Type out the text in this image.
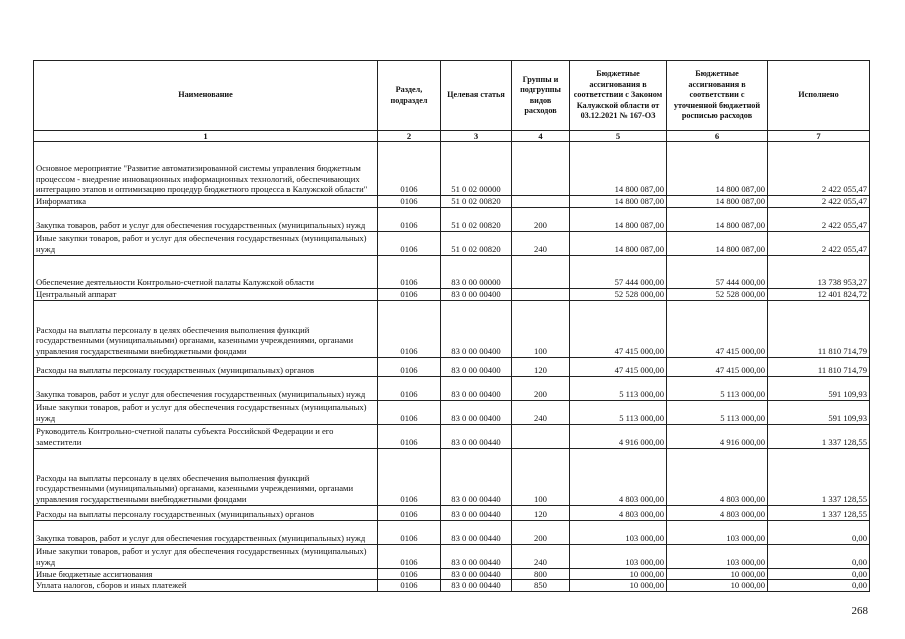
Наименование	Раздел, подраздел	Целевая статья	Группы и подгруппы видов расходов	Бюджетные ассигнования в соответствии с Законом Калужской области от 03.12.2021 № 167-ОЗ	Бюджетные ассигнования в соответствии с уточненной бюджетной росписью расходов	Исполнено
1	2	3	4	5	6	7
Основное мероприятие "Развитие автоматизированной системы управления бюджетным процессом - внедрение инновационных информационных технологий, обеспечивающих интеграцию этапов и оптимизацию процедур бюджетного процесса в Калужской области"	0106	51 0 02 00000		14 800 087,00	14 800 087,00	2 422 055,47
Информатика	0106	51 0 02 00820		14 800 087,00	14 800 087,00	2 422 055,47
Закупка товаров, работ и услуг для обеспечения государственных (муниципальных) нужд	0106	51 0 02 00820	200	14 800 087,00	14 800 087,00	2 422 055,47
Иные закупки товаров, работ и услуг для обеспечения государственных (муниципальных) нужд	0106	51 0 02 00820	240	14 800 087,00	14 800 087,00	2 422 055,47
Обеспечение деятельности Контрольно-счетной палаты Калужской области	0106	83 0 00 00000		57 444 000,00	57 444 000,00	13 738 953,27
Центральный аппарат	0106	83 0 00 00400		52 528 000,00	52 528 000,00	12 401 824,72
Расходы на выплаты персоналу в целях обеспечения выполнения функций государственными (муниципальными) органами, казенными учреждениями, органами управления государственными внебюджетными фондами	0106	83 0 00 00400	100	47 415 000,00	47 415 000,00	11 810 714,79
Расходы на выплаты персоналу государственных (муниципальных) органов	0106	83 0 00 00400	120	47 415 000,00	47 415 000,00	11 810 714,79
Закупка товаров, работ и услуг для обеспечения государственных (муниципальных) нужд	0106	83 0 00 00400	200	5 113 000,00	5 113 000,00	591 109,93
Иные закупки товаров, работ и услуг для обеспечения государственных (муниципальных) нужд	0106	83 0 00 00400	240	5 113 000,00	5 113 000,00	591 109,93
Руководитель Контрольно-счетной палаты субъекта Российской Федерации и его заместители	0106	83 0 00 00440		4 916 000,00	4 916 000,00	1 337 128,55
Расходы на выплаты персоналу в целях обеспечения выполнения функций государственными (муниципальными) органами, казенными учреждениями, органами управления государственными внебюджетными фондами	0106	83 0 00 00440	100	4 803 000,00	4 803 000,00	1 337 128,55
Расходы на выплаты персоналу государственных (муниципальных) органов	0106	83 0 00 00440	120	4 803 000,00	4 803 000,00	1 337 128,55
Закупка товаров, работ и услуг для обеспечения государственных (муниципальных) нужд	0106	83 0 00 00440	200	103 000,00	103 000,00	0,00
Иные закупки товаров, работ и услуг для обеспечения государственных (муниципальных) нужд	0106	83 0 00 00440	240	103 000,00	103 000,00	0,00
Иные бюджетные ассигнования	0106	83 0 00 00440	800	10 000,00	10 000,00	0,00
Уплата налогов, сборов и иных платежей	0106	83 0 00 00440	850	10 000,00	10 000,00	0,00
268
